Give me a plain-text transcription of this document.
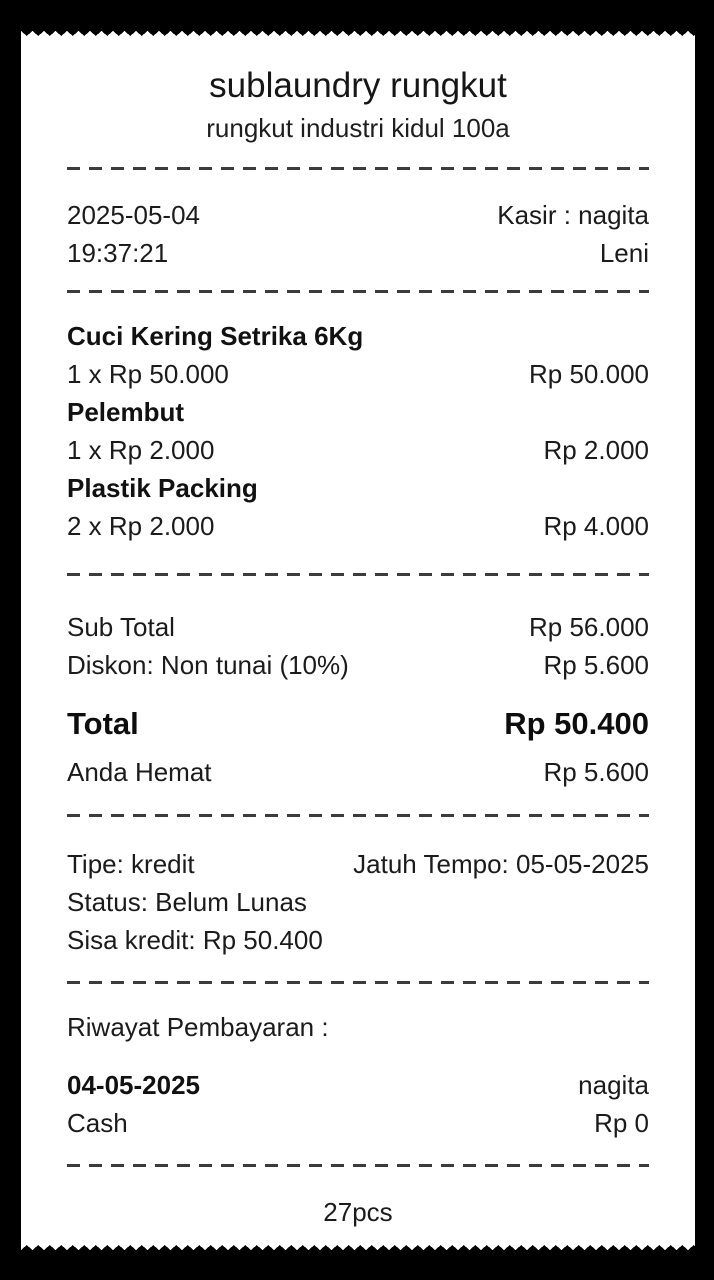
sublaundry rungkut
rungkut industri kidul 100a
2025-05-04	Kasir : nagita
19:37:21	Leni
Cuci Kering Setrika 6Kg
1 x Rp 50.000	Rp 50.000
Pelembut
1 x Rp 2.000	Rp 2.000
Plastik Packing
2 x Rp 2.000	Rp 4.000
Sub Total	Rp 56.000
Diskon: Non tunai (10%)	Rp 5.600
Total	Rp 50.400
Anda Hemat	Rp 5.600
Tipe: kredit	Jatuh Tempo: 05-05-2025
Status: Belum Lunas
Sisa kredit: Rp 50.400
Riwayat Pembayaran :
04-05-2025	nagita
Cash	Rp 0
27pcs
